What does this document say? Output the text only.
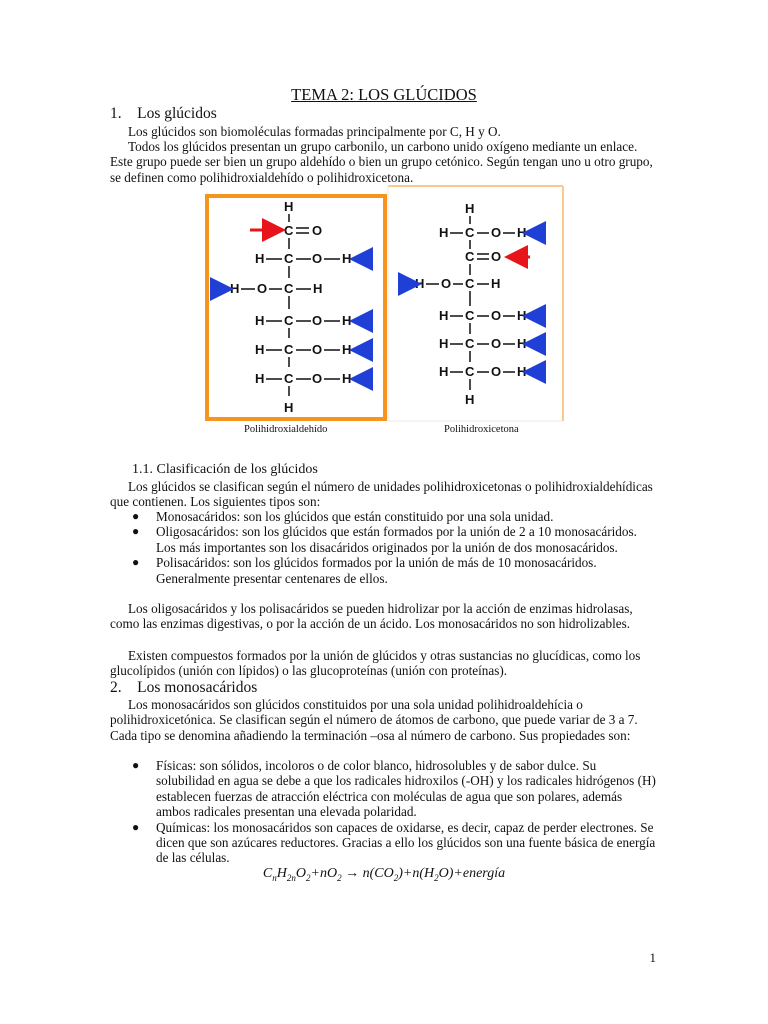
TEMA 2: LOS GLÚCIDOS
1. Los glúcidos
Los glúcidos son biomoléculas formadas principalmente por C, H y O.
Todos los glúcidos presentan un grupo carbonilo, un carbono unido oxígeno mediante un enlace. Este grupo puede ser bien un grupo aldehído o bien un grupo cetónico. Según tengan uno u otro grupo, se definen como polihidroxialdehído o polihidroxicetona.
H
C O
H C O H
H O C H
H C O H
H C O H
H C O H
H
H
H C O H
C O
H O C H
H C O H
H C O H
H C O H
H
Polihidroxialdehído	Polihidroxicetona
1.1. Clasificación de los glúcidos
Los glúcidos se clasifican según el número de unidades polihidroxicetonas o polihidroxialdehídicas que contienen. Los siguientes tipos son:
● Monosacáridos: son los glúcidos que están constituido por una sola unidad.
● Oligosacáridos: son los glúcidos que están formados por la unión de 2 a 10 monosacáridos. Los más importantes son los disacáridos originados por la unión de dos monosacáridos.
● Polisacáridos: son los glúcidos formados por la unión de más de 10 monosacáridos. Generalmente presentar centenares de ellos.
Los oligosacáridos y los polisacáridos se pueden hidrolizar por la acción de enzimas hidrolasas, como las enzimas digestivas, o por la acción de un ácido. Los monosacáridos no son hidrolizables.
Existen compuestos formados por la unión de glúcidos y otras sustancias no glucídicas, como los glucolípidos (unión con lípidos) o las glucoproteínas (unión con proteínas).
2. Los monosacáridos
Los monosacáridos son glúcidos constituidos por una sola unidad polihidroaldehícia o polihidroxicetónica. Se clasifican según el número de átomos de carbono, que puede variar de 3 a 7. Cada tipo se denomina añadiendo la terminación –osa al número de carbono. Sus propiedades son:
● Físicas: son sólidos, incoloros o de color blanco, hidrosolubles y de sabor dulce. Su solubilidad en agua se debe a que los radicales hidroxilos (-OH) y los radicales hidrógenos (H) establecen fuerzas de atracción eléctrica con moléculas de agua que son polares, además ambos radicales presentan una elevada polaridad.
● Químicas: los monosacáridos son capaces de oxidarse, es decir, capaz de perder electrones. Se dicen que son azúcares reductores. Gracias a ello los glúcidos son una fuente básica de energía de las células.
$C_nH_{2n}O_2+nO_2$ → $n(CO_2)+n(H_2O)+energía$
1
